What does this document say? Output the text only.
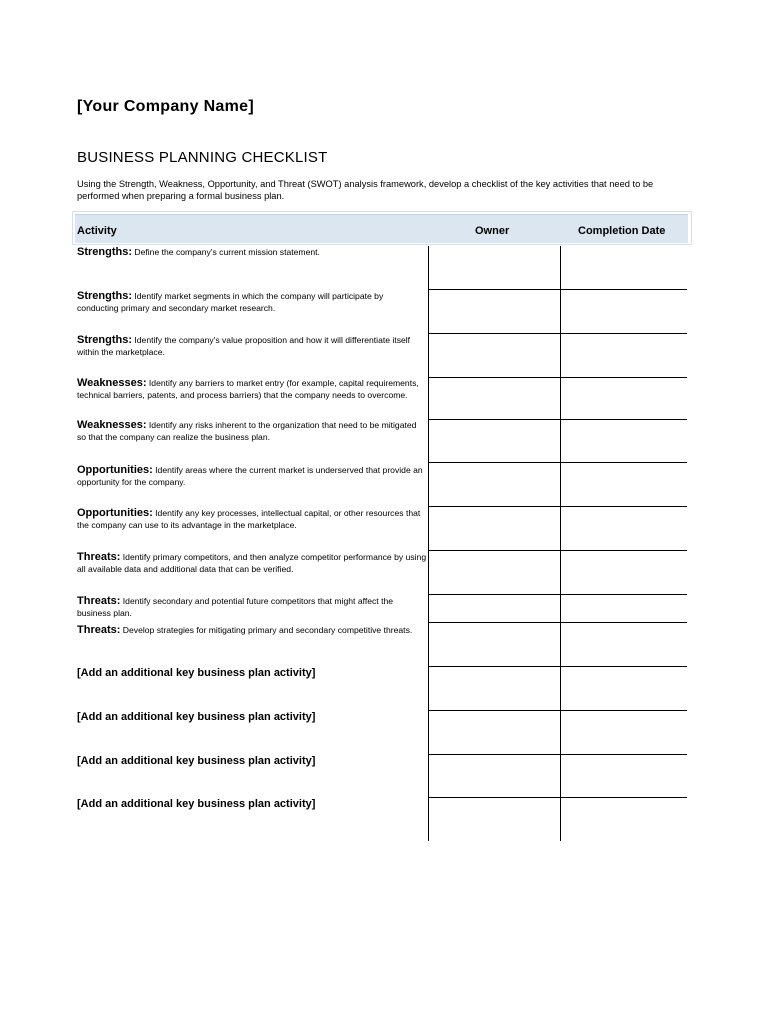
[Your Company Name]
BUSINESS PLANNING CHECKLIST
Using the Strength, Weakness, Opportunity, and Threat (SWOT) analysis framework, develop a checklist of the key activities that need to be performed when preparing a formal business plan.
Activity	Owner	Completion Date
Strengths: Define the company's current mission statement.
Strengths: Identify market segments in which the company will participate by conducting primary and secondary market research.
Strengths: Identify the company's value proposition and how it will differentiate itself within the marketplace.
Weaknesses: Identify any barriers to market entry (for example, capital requirements, technical barriers, patents, and process barriers) that the company needs to overcome.
Weaknesses: Identify any risks inherent to the organization that need to be mitigated so that the company can realize the business plan.
Opportunities: Identify areas where the current market is underserved that provide an opportunity for the company.
Opportunities: Identify any key processes, intellectual capital, or other resources that the company can use to its advantage in the marketplace.
Threats: Identify primary competitors, and then analyze competitor performance by using all available data and additional data that can be verified.
Threats: Identify secondary and potential future competitors that might affect the business plan.
Threats: Develop strategies for mitigating primary and secondary competitive threats.
[Add an additional key business plan activity]
[Add an additional key business plan activity]
[Add an additional key business plan activity]
[Add an additional key business plan activity]
